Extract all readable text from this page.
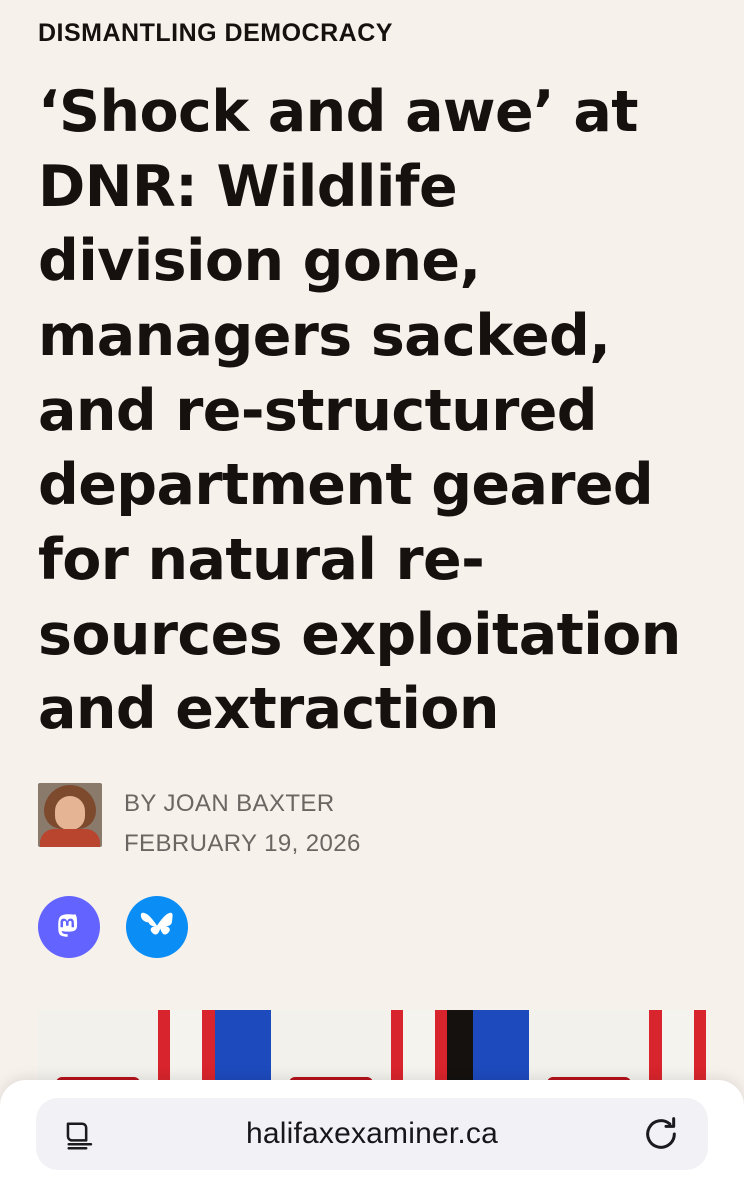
DISMANTLING DEMOCRACY
‘Shock and awe’ at DNR: Wildlife division gone, managers sacked, and re-structured department geared for natural re-sources exploitation and extraction
BY JOAN BAXTER
FEBRUARY 19, 2026
halifaxexaminer.ca
